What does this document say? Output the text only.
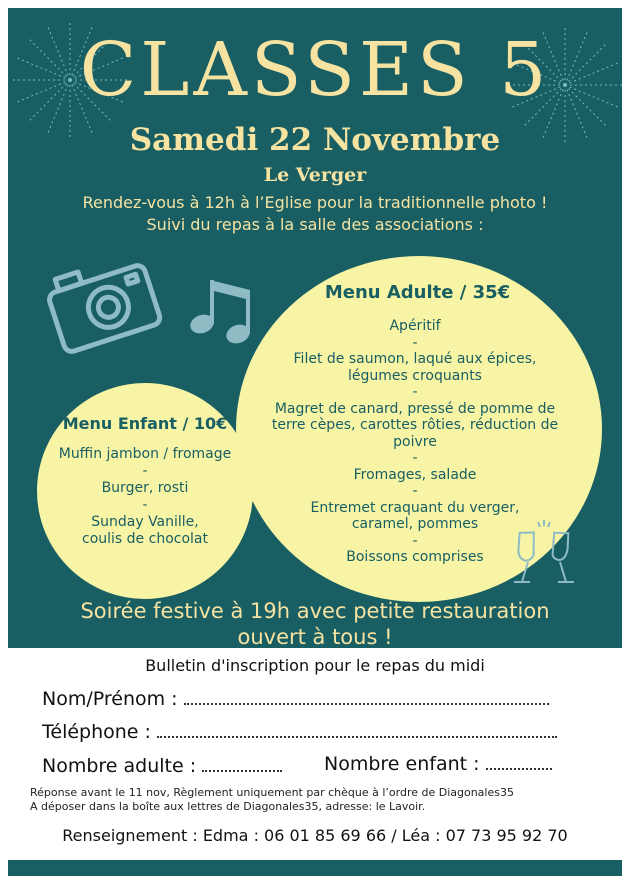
CLASSES 5
Samedi 22 Novembre
Le Verger
Rendez-vous à 12h à l’Eglise pour la traditionnelle photo !
Suivi du repas à la salle des associations :
Menu Adulte / 35€
Apéritif
-
Filet de saumon, laqué aux épices,
légumes croquants
-
Magret de canard, pressé de pomme de
terre cèpes, carottes rôties, réduction de
poivre
-
Fromages, salade
-
Entremet craquant du verger,
caramel, pommes
-
Boissons comprises
Menu Enfant / 10€
Muffin jambon / fromage
-
Burger, rosti
-
Sunday Vanille,
coulis de chocolat
Soirée festive à 19h avec petite restauration
ouvert à tous !
Bulletin d'inscription pour le repas du midi
Nom/Prénom :
Téléphone :
Nombre adulte :	Nombre enfant :
Réponse avant le 11 nov, Règlement uniquement par chèque à l’ordre de Diagonales35
A déposer dans la boîte aux lettres de Diagonales35, adresse: le Lavoir.
Renseignement : Edma : 06 01 85 69 66 / Léa : 07 73 95 92 70
